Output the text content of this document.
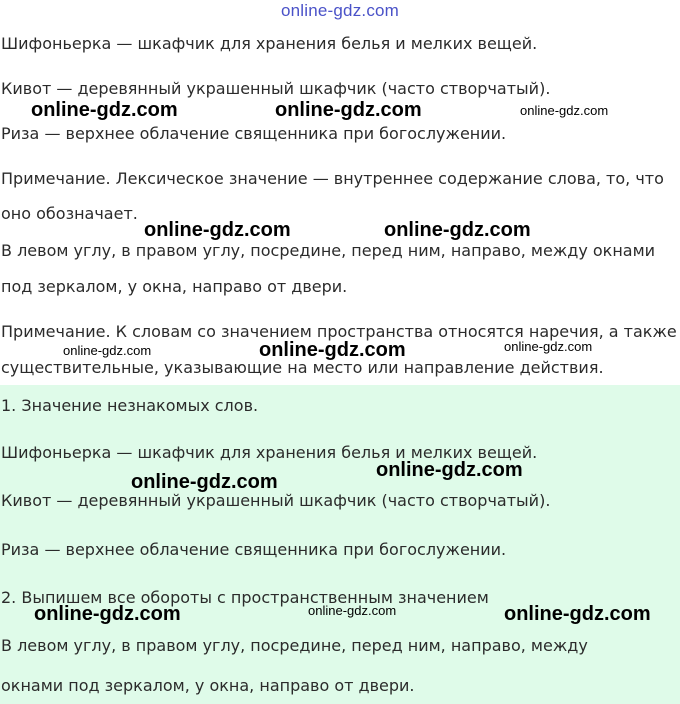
online-gdz.com

Шифоньерка — шкафчик для хранения белья и мелких вещей.

Кивот — деревянный украшенный шкафчик (часто створчатый).

Риза — верхнее облачение священника при богослужении.

Примечание. Лексическое значение — внутреннее содержание слова, то, что

оно обозначает.

В левом углу, в правом углу, посредине, перед ним, направо, между окнами

под зеркалом, у окна, направо от двери.

Примечание. К словам со значением пространства относятся наречия, а также

существительные, указывающие на место или направление действия.

1. Значение незнакомых слов.

Шифоньерка — шкафчик для хранения белья и мелких вещей.

Кивот — деревянный украшенный шкафчик (часто створчатый).

Риза — верхнее облачение священника при богослужении.

2. Выпишем все обороты с пространственным значением

В левом углу, в правом углу, посредине, перед ним, направо, между

окнами под зеркалом, у окна, направо от двери.

online-gdz.com	online-gdz.com	online-gdz.com
online-gdz.com	online-gdz.com
online-gdz.com	online-gdz.com	online-gdz.com
online-gdz.com
online-gdz.com
online-gdz.com	online-gdz.com	online-gdz.com
